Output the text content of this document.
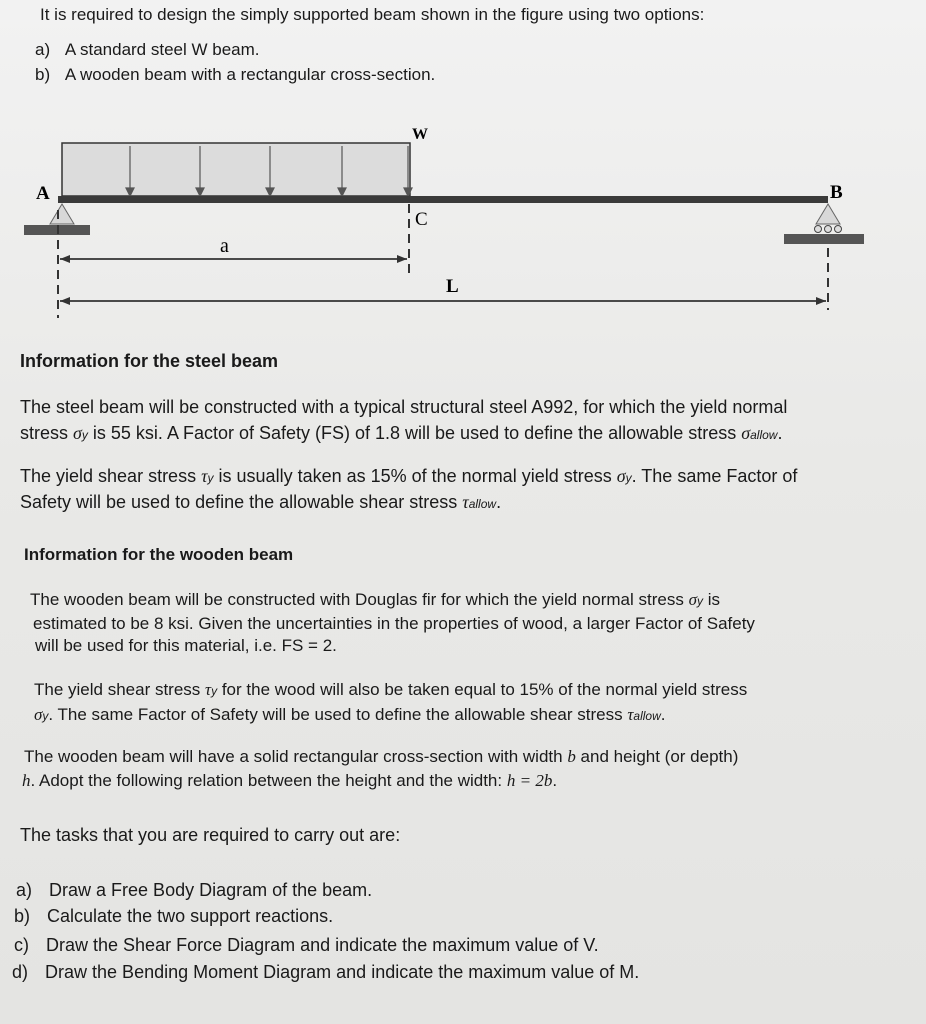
It is required to design the simply supported beam shown in the figure using two options:

a) A standard steel W beam.
b) A wooden beam with a rectangular cross-section.
W
A	B
C
a
L
Information for the steel beam

The steel beam will be constructed with a typical structural steel A992, for which the yield normal

stress σy is 55 ksi. A Factor of Safety (FS) of 1.8 will be used to define the allowable stress σallow.

The yield shear stress τy is usually taken as 15% of the normal yield stress σy. The same Factor of

Safety will be used to define the allowable shear stress τallow.

Information for the wooden beam

The wooden beam will be constructed with Douglas fir for which the yield normal stress σy is

estimated to be 8 ksi. Given the uncertainties in the properties of wood, a larger Factor of Safety

will be used for this material, i.e. FS = 2.

The yield shear stress τy for the wood will also be taken equal to 15% of the normal yield stress

σy. The same Factor of Safety will be used to define the allowable shear stress τallow.

The wooden beam will have a solid rectangular cross-section with width b and height (or depth)

h. Adopt the following relation between the height and the width: h = 2b.

The tasks that you are required to carry out are:

a) Draw a Free Body Diagram of the beam.
b) Calculate the two support reactions.
c) Draw the Shear Force Diagram and indicate the maximum value of V.
d) Draw the Bending Moment Diagram and indicate the maximum value of M.
